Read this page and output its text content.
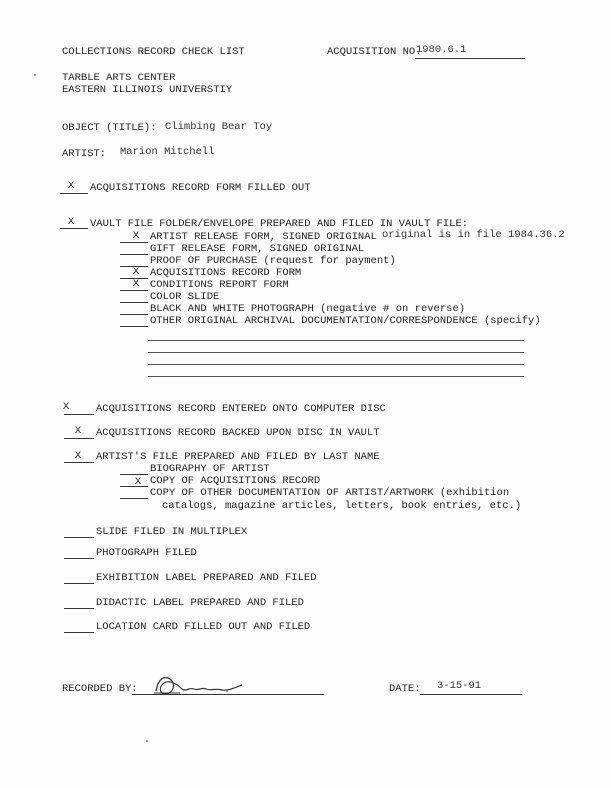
COLLECTIONS RECORD CHECK LIST	ACQUISITION NO.
1980.6.1
TARBLE ARTS CENTER
EASTERN ILLINOIS UNIVERSTIY
OBJECT (TITLE): Climbing Bear Toy
ARTIST: Marion Mitchell
X	ACQUISITIONS RECORD FORM FILLED OUT
X	VAULT FILE FOLDER/ENVELOPE PREPARED AND FILED IN VAULT FILE:
X ARTIST RELEASE FORM, SIGNED ORIGINAL original is in file 1984.36.2
GIFT RELEASE FORM, SIGNED ORIGINAL
PROOF OF PURCHASE (request for payment)
X ACQUISITIONS RECORD FORM
X CONDITIONS REPORT FORM
COLOR SLIDE
BLACK AND WHITE PHOTOGRAPH (negative # on reverse)
OTHER ORIGINAL ARCHIVAL DOCUMENTATION/CORRESPONDENCE (specify)
X	ACQUISITIONS RECORD ENTERED ONTO COMPUTER DISC
X ACQUISITIONS RECORD BACKED UPON DISC IN VAULT
X ARTIST'S FILE PREPARED AND FILED BY LAST NAME
BIOGRAPHY OF ARTIST
X COPY OF ACQUISITIONS RECORD
COPY OF OTHER DOCUMENTATION OF ARTIST/ARTWORK (exhibition
catalogs, magazine articles, letters, book entries, etc.)
SLIDE FILED IN MULTIPLEX
PHOTOGRAPH FILED
EXHIBITION LABEL PREPARED AND FILED
DIDACTIC LABEL PREPARED AND FILED
LOCATION CARD FILLED OUT AND FILED
RECORDED BY:	DATE: 3-15-91
